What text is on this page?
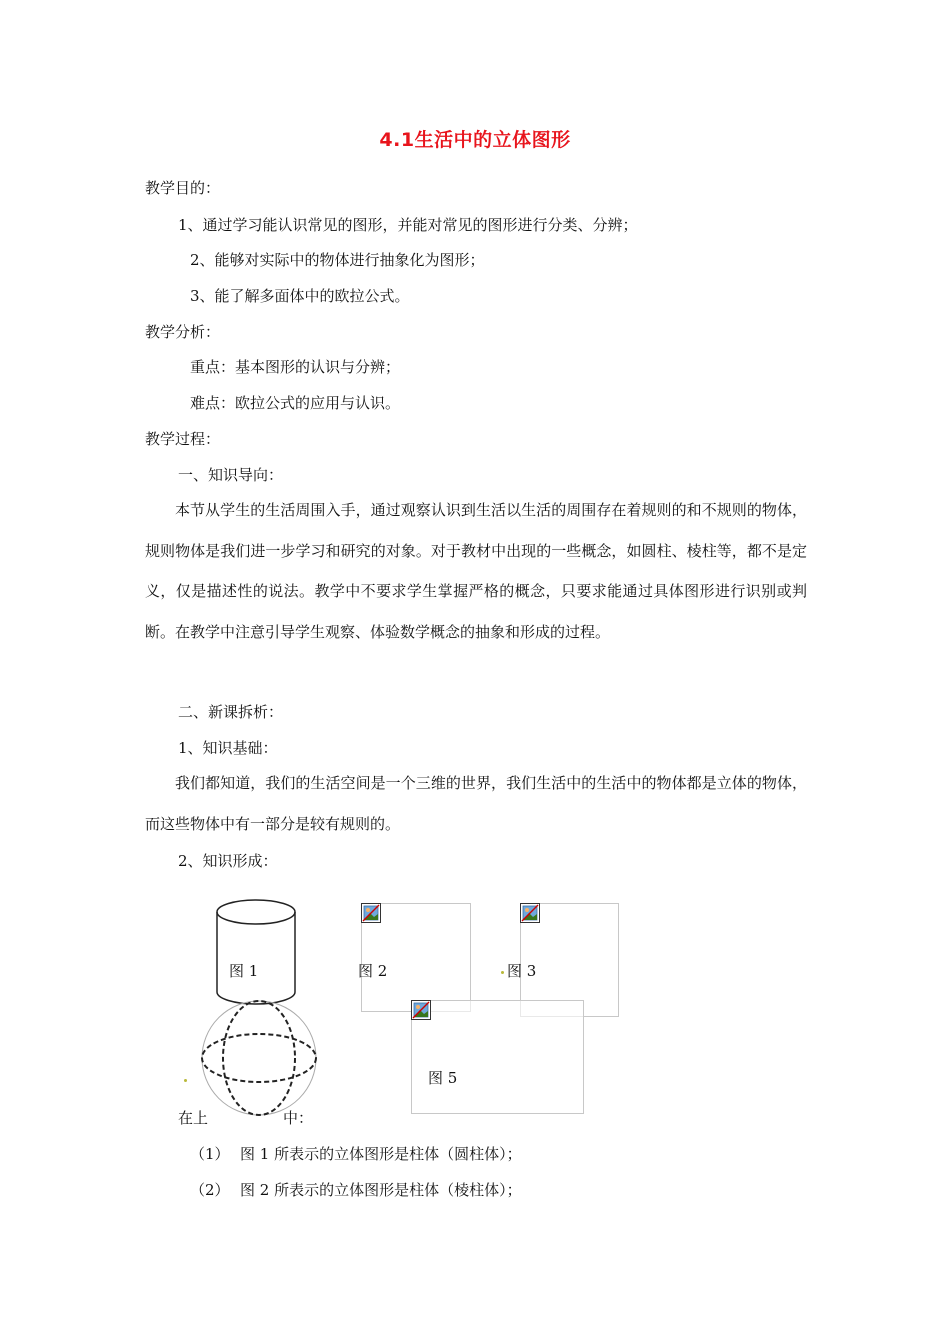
4.1生活中的立体图形
教学目的：
1、通过学习能认识常见的图形，并能对常见的图形进行分类、分辨；
2、能够对实际中的物体进行抽象化为图形；
3、能了解多面体中的欧拉公式。
教学分析：
重点：基本图形的认识与分辨；
难点：欧拉公式的应用与认识。
教学过程：
一、知识导向：
本节从学生的生活周围入手，通过观察认识到生活以生活的周围存在着规则的和不规则的物体，规则物体是我们进一步学习和研究的对象。对于教材中出现的一些概念，如圆柱、棱柱等，都不是定义，仅是描述性的说法。教学中不要求学生掌握严格的概念，只要求能通过具体图形进行识别或判断。在教学中注意引导学生观察、体验数学概念的抽象和形成的过程。
二、新课拆析：
1、知识基础：
我们都知道，我们的生活空间是一个三维的世界，我们生活中的生活中的物体都是立体的物体，而这些物体中有一部分是较有规则的。
2、知识形成：
图 1	图 2	图 3
图 5
在上	中：
（1） 图 1 所表示的立体图形是柱体（圆柱体）；
（2） 图 2 所表示的立体图形是柱体（棱柱体）；
